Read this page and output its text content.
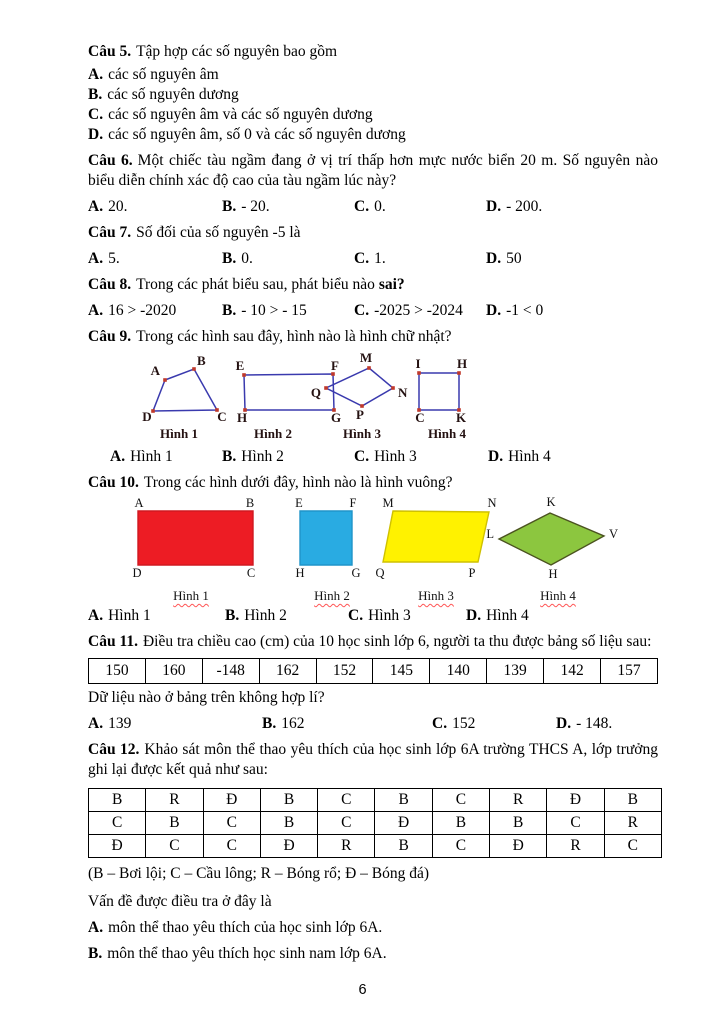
Câu 5. Tập hợp các số nguyên bao gồm

A. các số nguyên âm

B. các số nguyên dương

C. các số nguyên âm và các số nguyên dương

D. các số nguyên âm, số 0 và các số nguyên dương

Câu 6. Một chiếc tàu ngầm đang ở vị trí thấp hơn mực nước biển 20 m. Số nguyên nào biểu diễn chính xác độ cao của tàu ngầm lúc này?

A. 20.	B. - 20.	C. 0.	D. - 200.

Câu 7. Số đối của số nguyên -5 là

A. 5.	B. 0.	C. 1.	D. 50

Câu 8. Trong các phát biểu sau, phát biểu nào sai?

A. 16 > -2020	B. - 10 > - 15	C. -2025 > -2024	D. -1 < 0

Câu 9. Trong các hình sau đây, hình nào là hình chữ nhật?

A
B
C
D
E	F
G
H
M
Q	N
P
I	H
C K
Hình 1	Hình 2	Hình 3	Hình 4
A. Hình 1	B. Hình 2	C. Hình 3	D. Hình 4

Câu 10. Trong các hình dưới đây, hình nào là hình vuông?

A	B
D	C
E	F
H	G
M	N
Q	P
K
L	V
H
Hình 1	Hình 2	Hình 3	Hình 4
A. Hình 1	B. Hình 2	C. Hình 3	D. Hình 4

Câu 11. Điều tra chiều cao (cm) của 10 học sinh lớp 6, người ta thu được bảng số liệu sau:

150	160	-148	162	152	145	140	139	142	157

Dữ liệu nào ở bảng trên không hợp lí?

A. 139	B. 162	C. 152	D. - 148.

Câu 12. Khảo sát môn thể thao yêu thích của học sinh lớp 6A trường THCS A, lớp trưởng ghi lại được kết quả như sau:

B	R	Đ	B	C	B	C	R	Đ	B
C	B	C	B	C	Đ	B	B	C	R
Đ	C	C	Đ	R	B	C	Đ	R	C

(B – Bơi lội; C – Cầu lông; R – Bóng rổ; Đ – Bóng đá)

Vấn đề được điều tra ở đây là

A. môn thể thao yêu thích của học sinh lớp 6A.

B. môn thể thao yêu thích học sinh nam lớp 6A.

6
